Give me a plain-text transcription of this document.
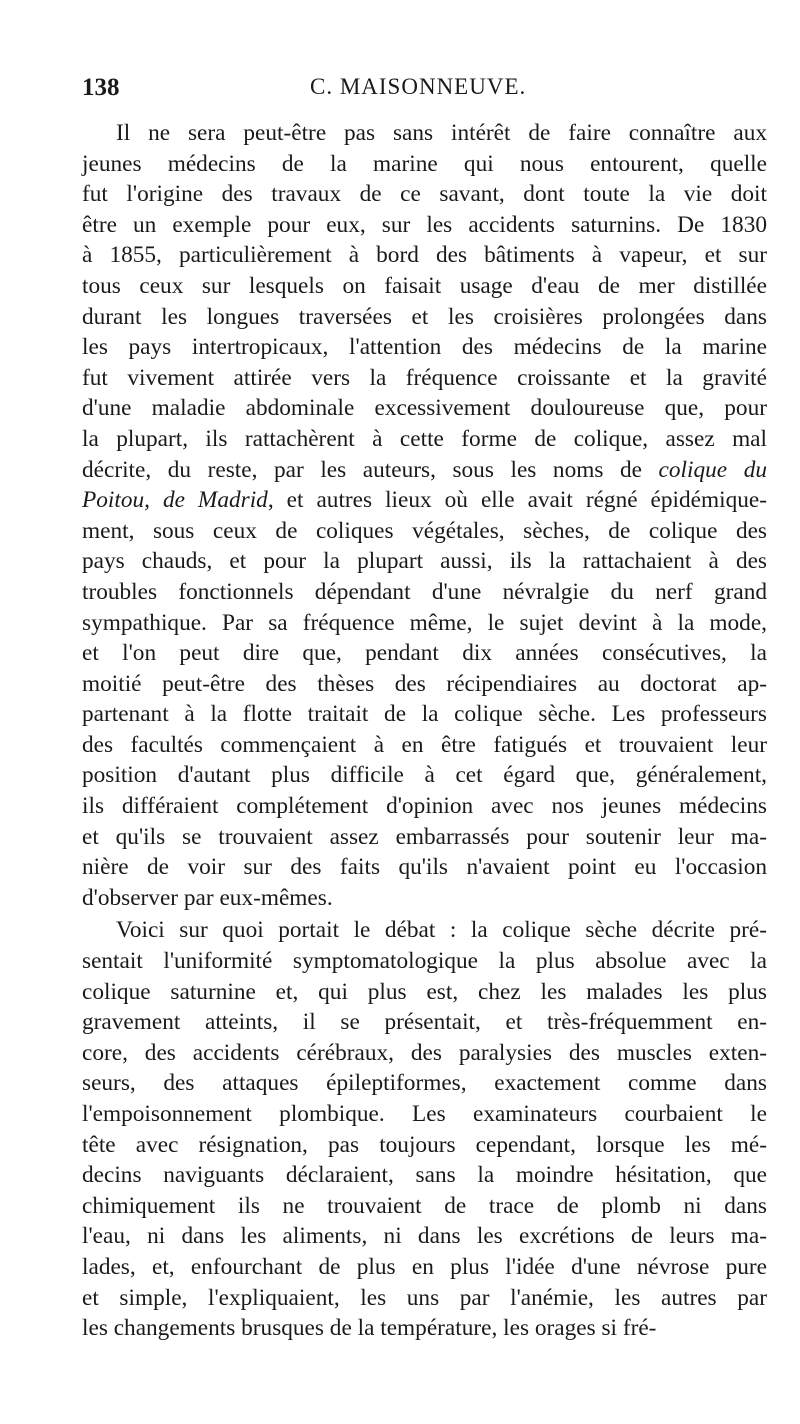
138	C. MAISONNEUVE.
Il ne sera peut-être pas sans intérêt de faire connaître aux
jeunes médecins de la marine qui nous entourent, quelle
fut l'origine des travaux de ce savant, dont toute la vie doit
être un exemple pour eux, sur les accidents saturnins. De 1830
à 1855, particulièrement à bord des bâtiments à vapeur, et sur
tous ceux sur lesquels on faisait usage d'eau de mer distillée
durant les longues traversées et les croisières prolongées dans
les pays intertropicaux, l'attention des médecins de la marine
fut vivement attirée vers la fréquence croissante et la gravité
d'une maladie abdominale excessivement douloureuse que, pour
la plupart, ils rattachèrent à cette forme de colique, assez mal
décrite, du reste, par les auteurs, sous les noms de colique du
Poitou, de Madrid, et autres lieux où elle avait régné épidémique-
ment, sous ceux de coliques végétales, sèches, de colique des
pays chauds, et pour la plupart aussi, ils la rattachaient à des
troubles fonctionnels dépendant d'une névralgie du nerf grand
sympathique. Par sa fréquence même, le sujet devint à la mode,
et l'on peut dire que, pendant dix années consécutives, la
moitié peut-être des thèses des récipendiaires au doctorat ap-
partenant à la flotte traitait de la colique sèche. Les professeurs
des facultés commençaient à en être fatigués et trouvaient leur
position d'autant plus difficile à cet égard que, généralement,
ils différaient complétement d'opinion avec nos jeunes médecins
et qu'ils se trouvaient assez embarrassés pour soutenir leur ma-
nière de voir sur des faits qu'ils n'avaient point eu l'occasion
d'observer par eux-mêmes.
Voici sur quoi portait le débat : la colique sèche décrite pré-
sentait l'uniformité symptomatologique la plus absolue avec la
colique saturnine et, qui plus est, chez les malades les plus
gravement atteints, il se présentait, et très-fréquemment en-
core, des accidents cérébraux, des paralysies des muscles exten-
seurs, des attaques épileptiformes, exactement comme dans
l'empoisonnement plombique. Les examinateurs courbaient le
tête avec résignation, pas toujours cependant, lorsque les mé-
decins naviguants déclaraient, sans la moindre hésitation, que
chimiquement ils ne trouvaient de trace de plomb ni dans
l'eau, ni dans les aliments, ni dans les excrétions de leurs ma-
lades, et, enfourchant de plus en plus l'idée d'une névrose pure
et simple, l'expliquaient, les uns par l'anémie, les autres par
les changements brusques de la température, les orages si fré-
